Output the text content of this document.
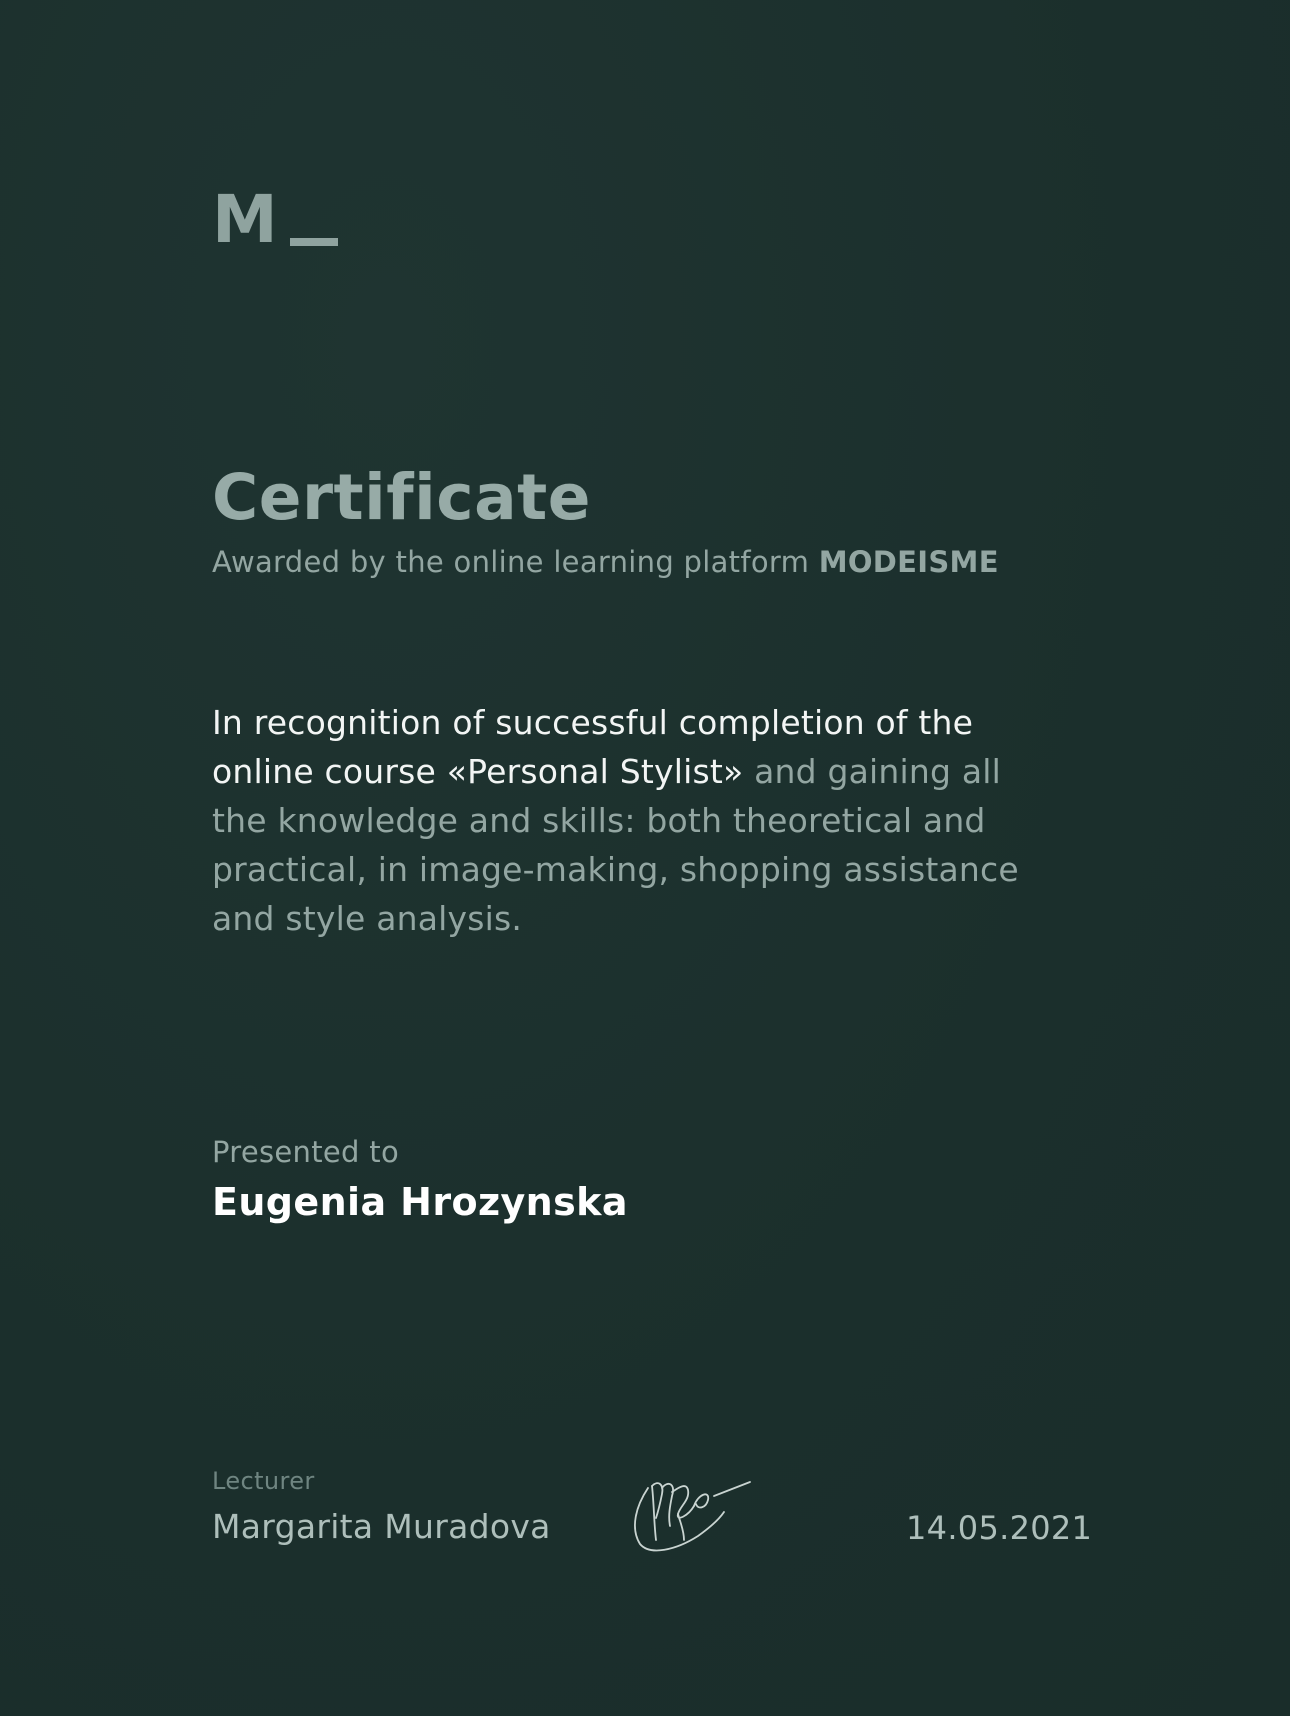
M
Certificate
Awarded by the online learning platform MODEISME
In recognition of successful completion of the online course «Personal Stylist» and gaining all the knowledge and skills: both theoretical and practical, in image-making, shopping assistance and style analysis.
Presented to
Eugenia Hrozynska
Lecturer
Margarita Muradova	14.05.2021
